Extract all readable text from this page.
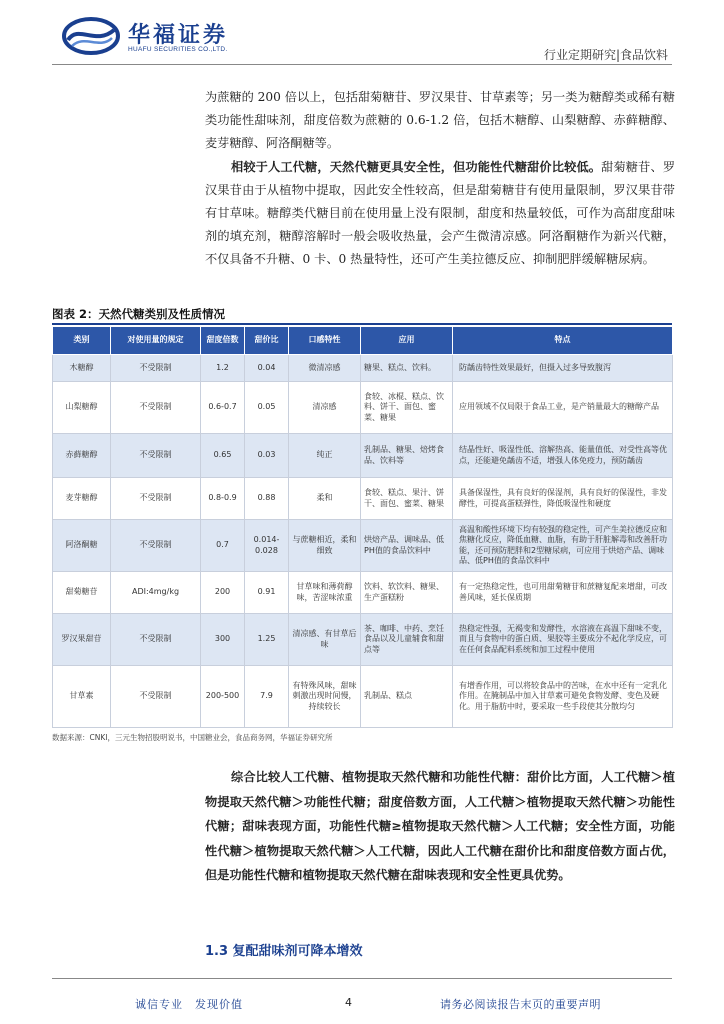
华福证券
HUAFU SECURITIES CO.,LTD.	行业定期研究|食品饮料
为蔗糖的 200 倍以上，包括甜菊糖苷、罗汉果苷、甘草素等；另一类为糖醇类或稀有糖类功能性甜味剂，甜度倍数为蔗糖的 0.6-1.2 倍，包括木糖醇、山梨糖醇、赤藓糖醇、麦芽糖醇、阿洛酮糖等。
相较于人工代糖，天然代糖更具安全性，但功能性代糖甜价比较低。甜菊糖苷、罗汉果苷由于从植物中提取，因此安全性较高，但是甜菊糖苷有使用量限制，罗汉果苷带有甘草味。糖醇类代糖目前在使用量上没有限制，甜度和热量较低，可作为高甜度甜味剂的填充剂，糖醇溶解时一般会吸收热量，会产生微清凉感。阿洛酮糖作为新兴代糖，不仅具备不升糖、0 卡、0 热量特性，还可产生美拉德反应、抑制肥胖缓解糖尿病。
图表 2：天然代糖类别及性质情况
类别	对使用量的规定	甜度倍数	甜价比	口感特性	应用	特点
木糖醇	不受限制	1.2	0.04	微清凉感	糖果、糕点、饮料。	防龋齿特性效果最好，但摄入过多导致腹泻
山梨糖醇	不受限制	0.6-0.7	0.05	清凉感	食较、冰棍、糕点、饮料、饼干、面包、蜜菜、糖果	应用领域不仅局限于食品工业，是产销量最大的糖醇产品
赤藓糖醇	不受限制	0.65	0.03	纯正	乳制品、糖果、焙烤食品、饮料等	结晶性好、吸湿性低、溶解热高、能量值低、对受性高等优点，还能避免龋齿不适，增强人体免疫力，预防龋齿
麦芽糖醇	不受限制	0.8-0.9	0.88	柔和	食较、糕点、果汁、饼干、面包、蜜菜、糖果	具备保湿性，具有良好的保湿剂，具有良好的保湿性，非发酵性，可提高蛋糕弹性，降低吸湿性和硬度
阿洛酮糖	不受限制	0.7	0.014-0.028	与蔗糖相近，柔和细致	烘焙产品、调味品、低PH值的食品饮料中	高温和酸性环境下均有较强的稳定性，可产生美拉德反应和焦糖化反应，降低血糖、血脂，有助于肝脏解毒和改善肝功能，还可预防肥胖和2型糖尿病，可应用于烘焙产品、调味品、低PH值的食品饮料中
甜菊糖苷	ADI:4mg/kg	200	0.91	甘草味和薄荷醇味，苦涩味浓重	饮料、软饮料、糖果、生产蛋糕粉	有一定热稳定性，也可用甜菊糖苷和蔗糖复配来增甜，可改善风味，延长保质期
罗汉果甜苷	不受限制	300	1.25	清凉感、有甘草后味	茶、咖啡、中药、烹饪食品以及儿童辅食和甜点等	热稳定性强，无褐变和发酵性，水溶液在高温下甜味不变，而且与食物中的蛋白质、果胶等主要成分不起化学反应，可在任何食品配料系统和加工过程中使用
甘草素	不受限制	200-500	7.9	有特殊风味，甜味刺激出现时间慢，持续较长	乳制品、糕点	有增香作用，可以将较食品中的苦味，在水中还有一定乳化作用。在腌制品中加入甘草素可避免食物发酵、变色及硬化。用于脂肪中时，要采取一些手段使其分散均匀
数据来源：CNKI，三元生物招股明说书，中国糖业会，食品商务网，华福证券研究所
综合比较人工代糖、植物提取天然代糖和功能性代糖：甜价比方面，人工代糖＞植物提取天然代糖＞功能性代糖；甜度倍数方面，人工代糖＞植物提取天然代糖＞功能性代糖；甜味表现方面，功能性代糖≥植物提取天然代糖＞人工代糖；安全性方面，功能性代糖＞植物提取天然代糖＞人工代糖，因此人工代糖在甜价比和甜度倍数方面占优，但是功能性代糖和植物提取天然代糖在甜味表现和安全性更具优势。
1.3 复配甜味剂可降本增效
诚信专业　发现价值	4	请务必阅读报告末页的重要声明
